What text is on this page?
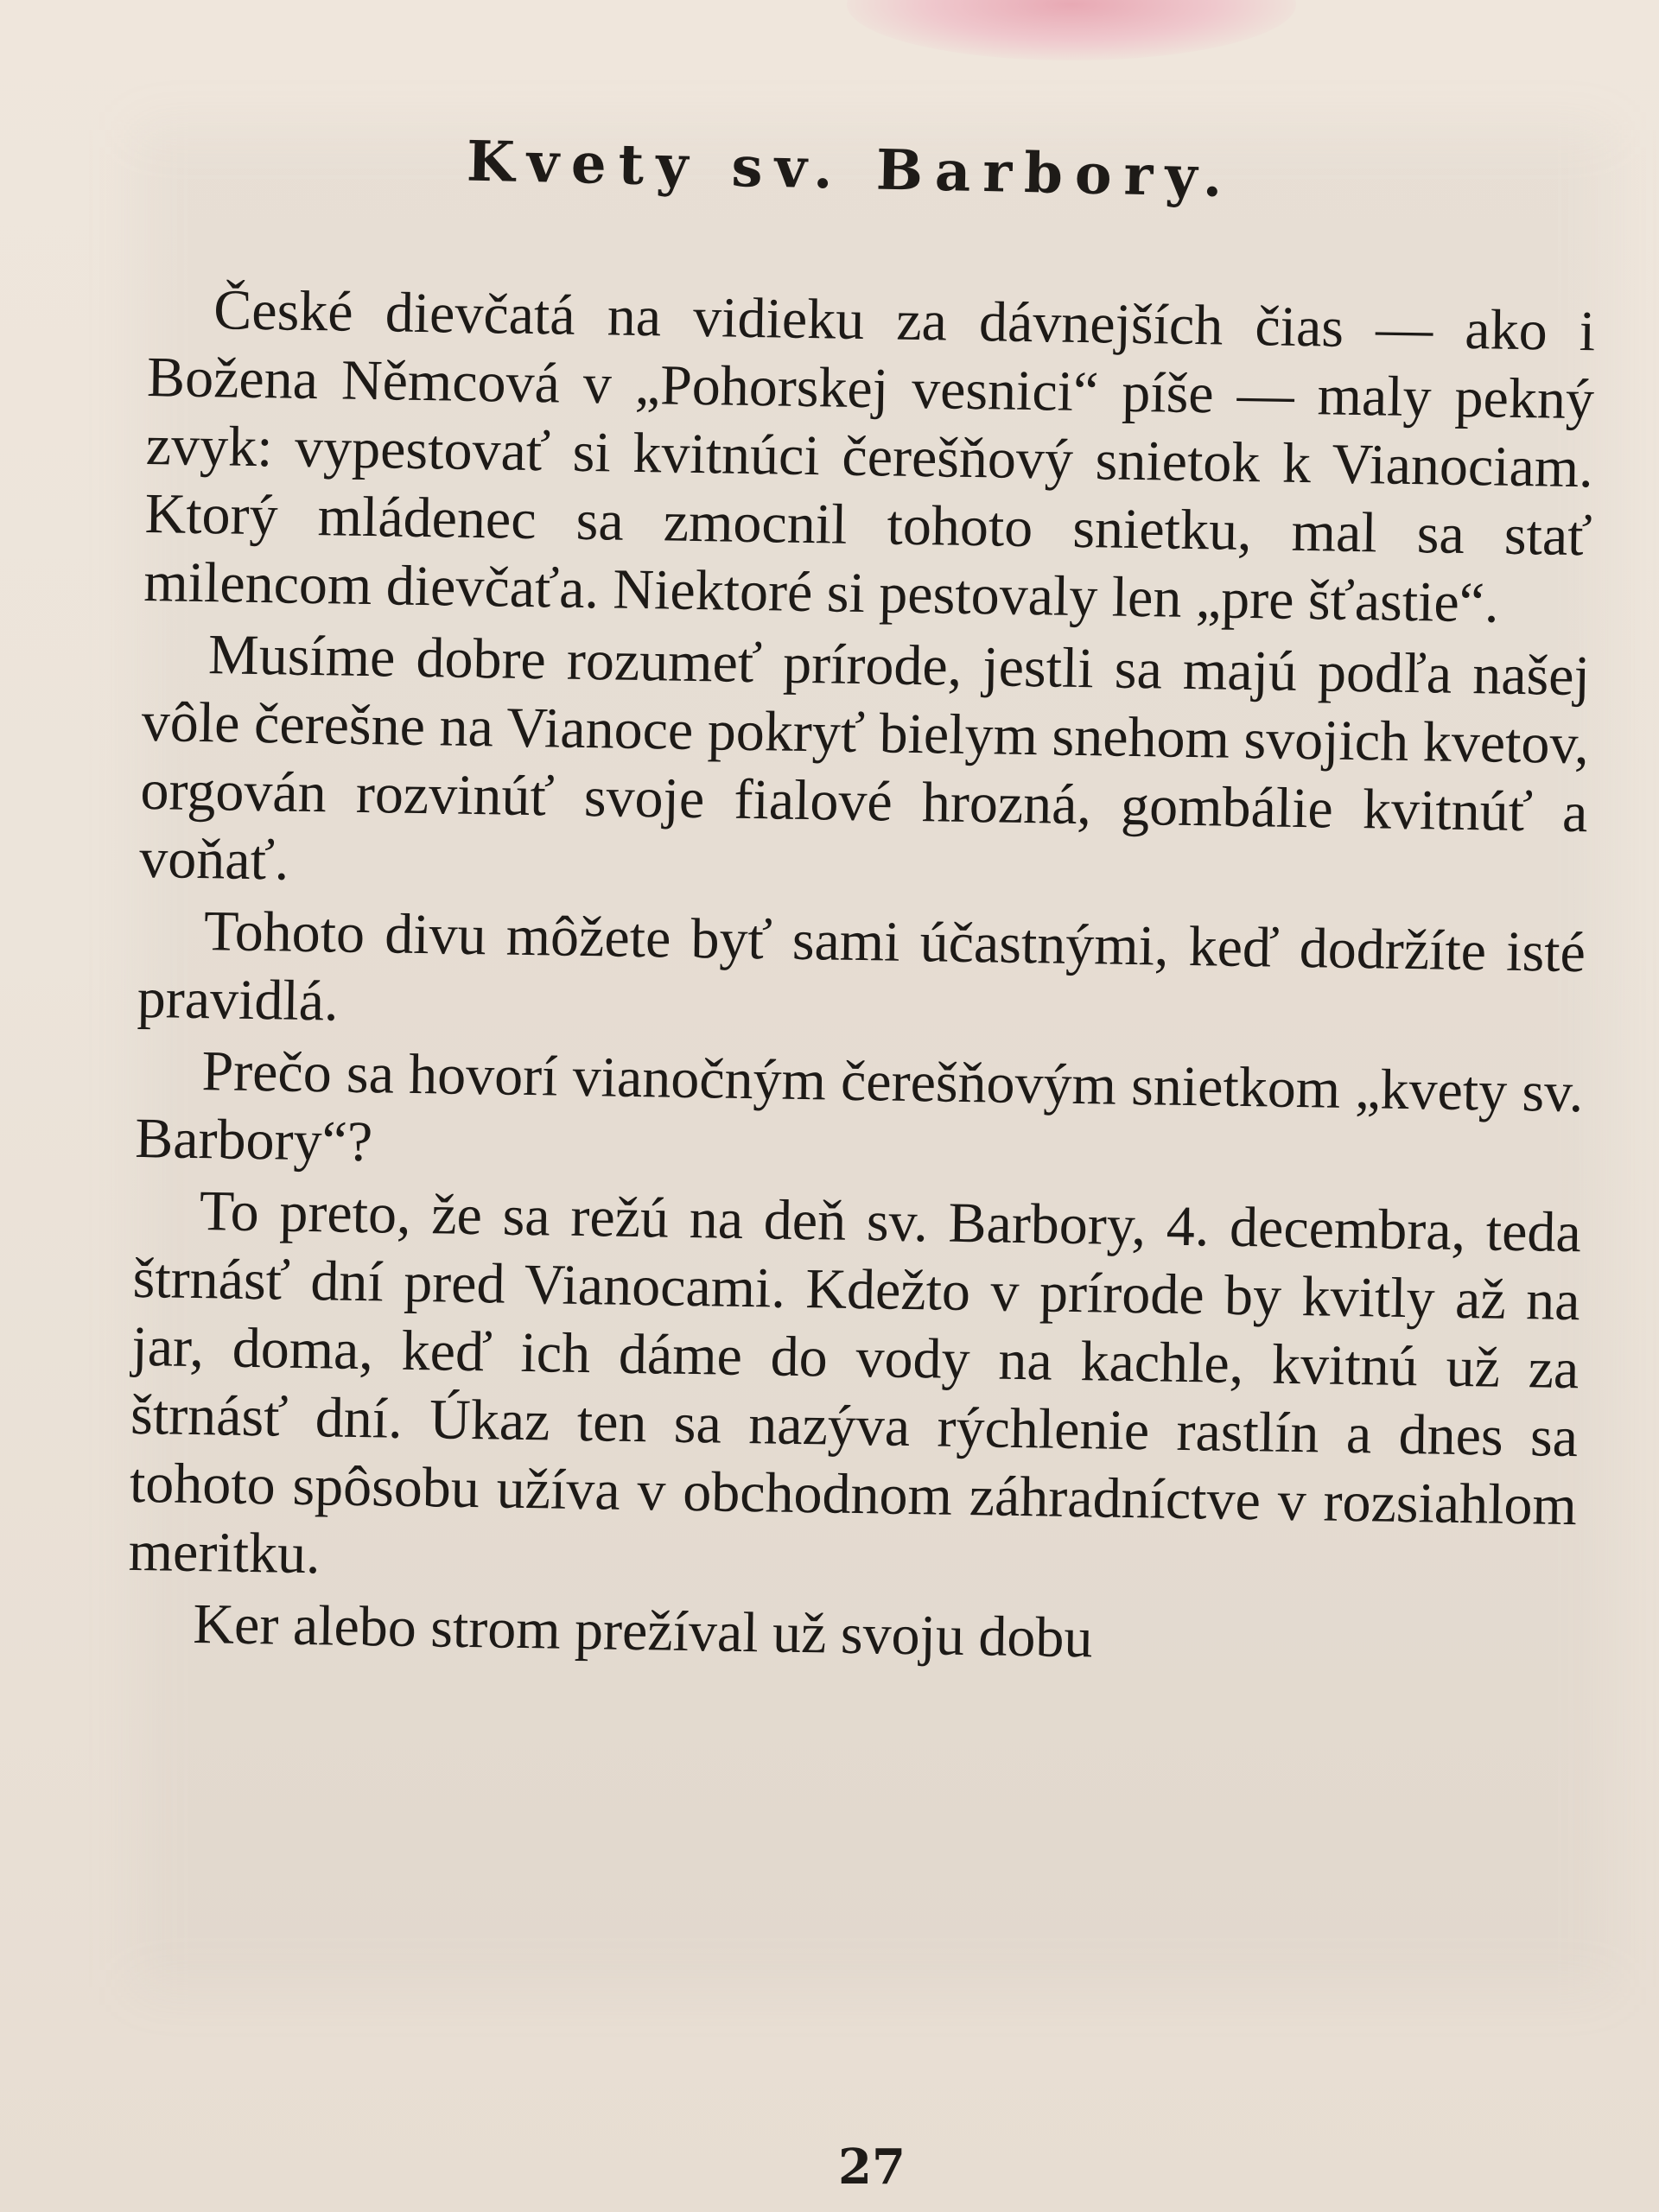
Kvety sv. Barbory.

České dievčatá na vidieku za dávnejších čias — ako i Božena Němcová v „Pohorskej vesnici“ píše — maly pekný zvyk: vypestovať si kvitnúci čerešňový snietok k Vianociam. Ktorý mládenec sa zmocnil tohoto snietku, mal sa stať milencom dievčaťa. Niektoré si pestovaly len „pre šťastie“.

Musíme dobre rozumeť prírode, jestli sa majú podľa našej vôle čerešne na Vianoce pokryť bielym snehom svojich kvetov, orgován rozvinúť svoje fialové hrozná, gombálie kvitnúť a voňať.

Tohoto divu môžete byť sami účastnými, keď dodržíte isté pravidlá.

Prečo sa hovorí vianočným čerešňovým snietkom „kvety sv. Barbory“?

To preto, že sa režú na deň sv. Barbory, 4. decembra, teda štrnásť dní pred Vianocami. Kdežto v prírode by kvitly až na jar, doma, keď ich dáme do vody na kachle, kvitnú už za štrnásť dní. Úkaz ten sa nazýva rýchlenie rastlín a dnes sa tohoto spôsobu užíva v obchodnom záhradníctve v rozsiahlom meritku.

Ker alebo strom prežíval už svoju dobu

27
